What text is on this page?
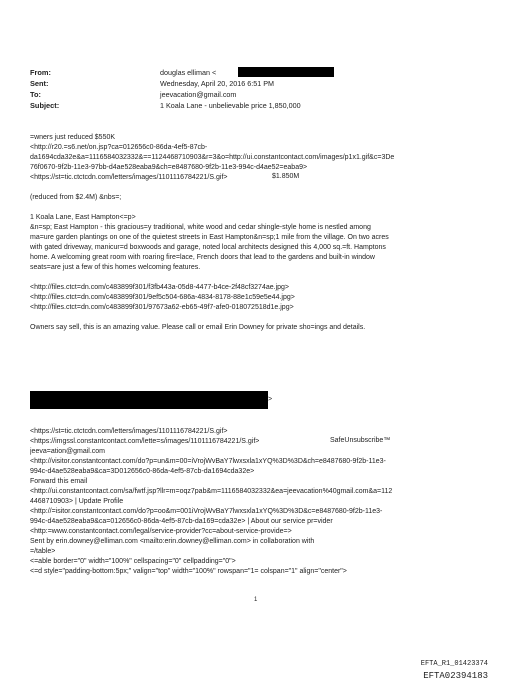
From:	douglas elliman <
Sent:	Wednesday, April 20, 2016 6:51 PM
To:	jeevacation@gmail.com
Subject:	1 Koala Lane - unbelievable price 1,850,000
=wners just reduced $550K
<http://r20.=s6.net/on.jsp?ca=012656c0-86da-4ef5-87cb-
da1694cda32e&a=1116584032332&==1124468710903&r=3&o=http://ui.constantcontact.com/images/p1x1.gif&c=3De
76f0670-9f2b-11e3-97bb-d4ae528eaba9&ch=e8487680-9f2b-11e3-994c-d4ae52=eaba9>
<https://st=tic.ctctcdn.com/letters/images/1101116784221/S.gif>	$1.850M
(reduced from $2.4M) &nbs=;
1 Koala Lane, East Hampton<=p>
&n=sp; East Hampton - this gracious=y traditional, white wood and cedar shingle-style home is nestled among
ma=ure garden plantings on one of the quietest streets in East Hampton&n=sp;1 mile from the village. On two acres
with gated driveway, manicur=d boxwoods and garage, noted local architects designed this 4,000 sq.=ft. Hamptons
home. A welcoming great room with roaring fire=lace, French doors that lead to the gardens and built-in window
seats=are just a few of this homes welcoming features.
<http://files.ctct=dn.com/c483899f301/f3fb443a-05d8-4477-b4ce-2f48cf3274ae.jpg>
<http://files.ctct=dn.com/c483899f301/9ef5c504-686a-4834-8178-88e1c59e5e44.jpg>
<http://files.ctct=dn.com/c483899f301/97673a62-eb65-49f7-afe0-018072518d1e.jpg>
Owners say sell, this is an amazing value. Please call or email Erin Downey for private sho=ings and details.
>
<https://st=tic.ctctcdn.com/letters/images/1101116784221/S.gif>
<https://imgssl.constantcontact.com/lette=s/images/1101116784221/S.gif>	SafeUnsubscribe™
jeeva=ation@gmail.com
<http://visitor.constantcontact.com/do?p=un&m=00=iVrojWvBaY7lwxsxla1xYQ%3D%3D&ch=e8487680-9f2b-11e3-
994c-d4ae528eaba9&ca=3D012656c0-86da-4ef5-87cb-da1694cda32e>
Forward this email
<http://ui.constantcontact.com/sa/fwtf.jsp?llr=m=oqz7pab&m=1116584032332&ea=jeevacation%40gmail.com&a=112
4468710903> | Update Profile
<http://=isitor.constantcontact.com/do?p=oo&m=001iVrojWvBaY7lwxsxla1xYQ%3D%3D&c=e8487680-9f2b-11e3-
994c-d4ae528eaba9&ca=012656c0-86da-4ef5-87cb-da169=cda32e> | About our service pr=vider
<http:=www.constantcontact.com/legal/service-provider?cc=about-service-provide=>
Sent by erin.downey@elliman.com <mailto:erin.downey@elliman.com> in collaboration with
=/table>
<=able border="0" width="100%" cellspacing="0" cellpadding="0">
<=d style="padding-bottom:5px;" valign="top" width="100%" rowspan="1= colspan="1" align="center">
1
EFTA_R1_01423374
EFTA02394183
